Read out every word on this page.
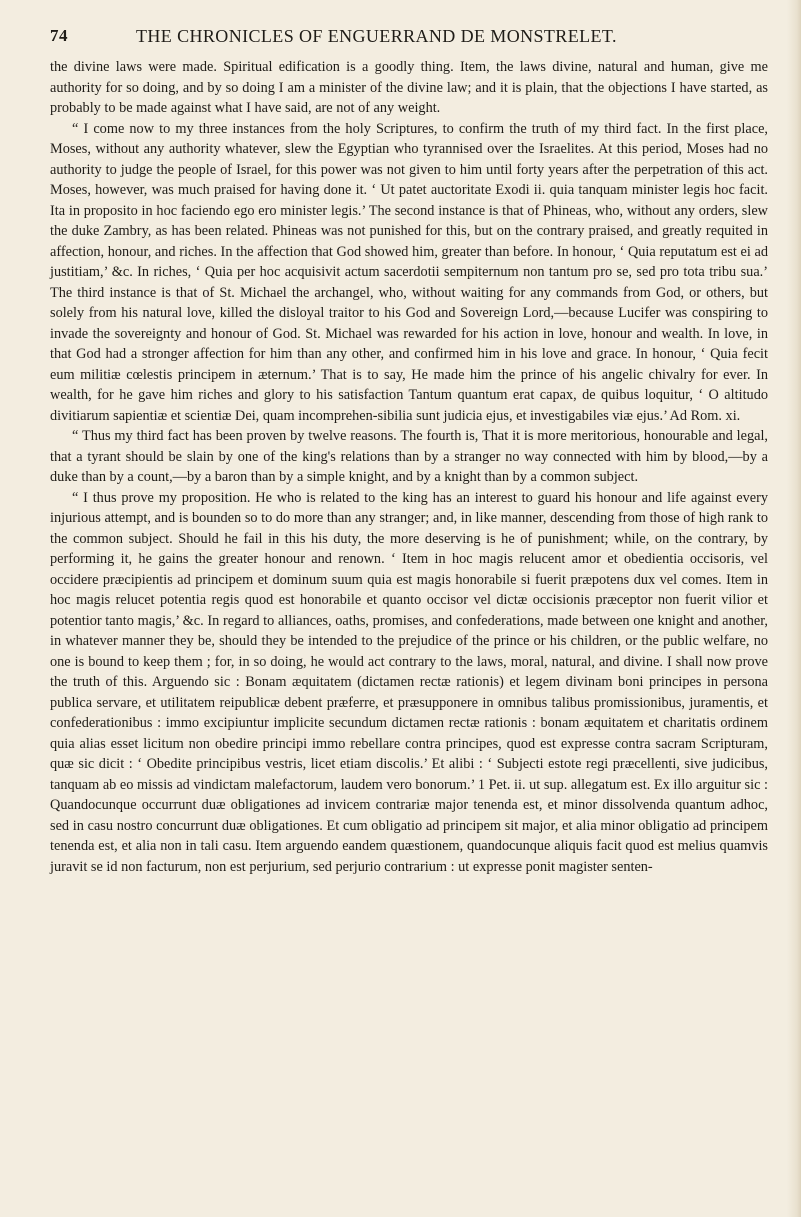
74	THE CHRONICLES OF ENGUERRAND DE MONSTRELET.

the divine laws were made. Spiritual edification is a goodly thing. Item, the laws divine, natural and human, give me authority for so doing, and by so doing I am a minister of the divine law; and it is plain, that the objections I have started, as probably to be made against what I have said, are not of any weight.

“ I come now to my three instances from the holy Scriptures, to confirm the truth of my third fact. In the first place, Moses, without any authority whatever, slew the Egyptian who tyrannised over the Israelites. At this period, Moses had no authority to judge the people of Israel, for this power was not given to him until forty years after the perpetration of this act. Moses, however, was much praised for having done it. ‘ Ut patet auctoritate Exodi ii. quia tanquam minister legis hoc facit. Ita in proposito in hoc faciendo ego ero minister legis.’ The second instance is that of Phineas, who, without any orders, slew the duke Zambry, as has been related. Phineas was not punished for this, but on the contrary praised, and greatly requited in affection, honour, and riches. In the affection that God showed him, greater than before. In honour, ‘ Quia reputatum est ei ad justitiam,’ &c. In riches, ‘ Quia per hoc acquisivit actum sacerdotii sempiternum non tantum pro se, sed pro tota tribu sua.’ The third instance is that of St. Michael the archangel, who, without waiting for any commands from God, or others, but solely from his natural love, killed the disloyal traitor to his God and Sovereign Lord,—because Lucifer was conspiring to invade the sovereignty and honour of God. St. Michael was rewarded for his action in love, honour and wealth. In love, in that God had a stronger affection for him than any other, and confirmed him in his love and grace. In honour, ‘ Quia fecit eum militiæ cœlestis principem in æternum.’ That is to say, He made him the prince of his angelic chivalry for ever. In wealth, for he gave him riches and glory to his satisfaction Tantum quantum erat capax, de quibus loquitur, ‘ O altitudo divitiarum sapientiæ et scientiæ Dei, quam incomprehen-sibilia sunt judicia ejus, et investigabiles viæ ejus.’ Ad Rom. xi.

“ Thus my third fact has been proven by twelve reasons. The fourth is, That it is more meritorious, honourable and legal, that a tyrant should be slain by one of the king's relations than by a stranger no way connected with him by blood,—by a duke than by a count,—by a baron than by a simple knight, and by a knight than by a common subject.

“ I thus prove my proposition. He who is related to the king has an interest to guard his honour and life against every injurious attempt, and is bounden so to do more than any stranger; and, in like manner, descending from those of high rank to the common subject. Should he fail in this his duty, the more deserving is he of punishment; while, on the contrary, by performing it, he gains the greater honour and renown. ‘ Item in hoc magis relucent amor et obedientia occisoris, vel occidere præcipientis ad principem et dominum suum quia est magis honorabile si fuerit præpotens dux vel comes. Item in hoc magis relucet potentia regis quod est honorabile et quanto occisor vel dictæ occisionis præceptor non fuerit vilior et potentior tanto magis,’ &c. In regard to alliances, oaths, promises, and confederations, made between one knight and another, in whatever manner they be, should they be intended to the prejudice of the prince or his children, or the public welfare, no one is bound to keep them ; for, in so doing, he would act contrary to the laws, moral, natural, and divine. I shall now prove the truth of this. Arguendo sic : Bonam æquitatem (dictamen rectæ rationis) et legem divinam boni principes in persona publica servare, et utilitatem reipublicæ debent præferre, et præsupponere in omnibus talibus promissionibus, juramentis, et confederationibus : immo excipiuntur implicite secundum dictamen rectæ rationis : bonam æquitatem et charitatis ordinem quia alias esset licitum non obedire principi immo rebellare contra principes, quod est expresse contra sacram Scripturam, quæ sic dicit : ‘ Obedite principibus vestris, licet etiam discolis.’ Et alibi : ‘ Subjecti estote regi præcellenti, sive judicibus, tanquam ab eo missis ad vindictam malefactorum, laudem vero bonorum.’ 1 Pet. ii. ut sup. allegatum est. Ex illo arguitur sic : Quandocunque occurrunt duæ obligationes ad invicem contrariæ major tenenda est, et minor dissolvenda quantum adhoc, sed in casu nostro concurrunt duæ obligationes. Et cum obligatio ad principem sit major, et alia minor obligatio ad principem tenenda est, et alia non in tali casu. Item arguendo eandem quæstionem, quandocunque aliquis facit quod est melius quamvis juravit se id non facturum, non est perjurium, sed perjurio contrarium : ut expresse ponit magister senten-
